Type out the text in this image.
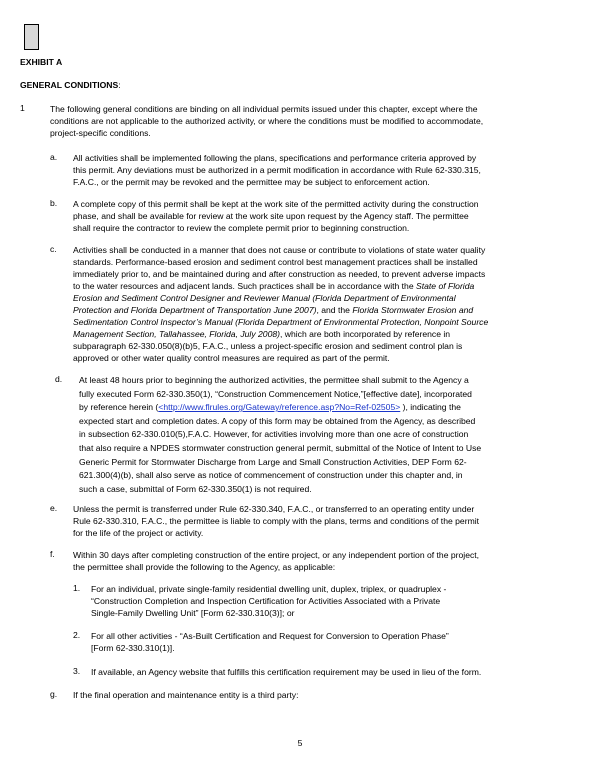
EXHIBIT A
GENERAL CONDITIONS:
1	The following general conditions are binding on all individual permits issued under this chapter, except where the
conditions are not applicable to the authorized activity, or where the conditions must be modified to accommodate,
project-specific conditions.
a. All activities shall be implemented following the plans, specifications and performance criteria approved by
this permit. Any deviations must be authorized in a permit modification in accordance with Rule 62-330.315,
F.A.C., or the permit may be revoked and the permittee may be subject to enforcement action.
b. A complete copy of this permit shall be kept at the work site of the permitted activity during the construction
phase, and shall be available for review at the work site upon request by the Agency staff. The permittee
shall require the contractor to review the complete permit prior to beginning construction.
c. Activities shall be conducted in a manner that does not cause or contribute to violations of state water quality
standards. Performance-based erosion and sediment control best management practices shall be installed
immediately prior to, and be maintained during and after construction as needed, to prevent adverse impacts
to the water resources and adjacent lands. Such practices shall be in accordance with the State of Florida
Erosion and Sediment Control Designer and Reviewer Manual (Florida Department of Environmental
Protection and Florida Department of Transportation June 2007), and the Florida Stormwater Erosion and
Sedimentation Control Inspector’s Manual (Florida Department of Environmental Protection, Nonpoint Source
Management Section, Tallahassee, Florida, July 2008), which are both incorporated by reference in
subparagraph 62-330.050(8)(b)5, F.A.C., unless a project-specific erosion and sediment control plan is
approved or other water quality control measures are required as part of the permit.
d. At least 48 hours prior to beginning the authorized activities, the permittee shall submit to the Agency a
fully executed Form 62-330.350(1), “Construction Commencement Notice,”[effective date], incorporated
by reference herein (<http://www.flrules.org/Gateway/reference.asp?No=Ref-02505> ), indicating the
expected start and completion dates. A copy of this form may be obtained from the Agency, as described
in subsection 62-330.010(5),F.A.C. However, for activities involving more than one acre of construction
that also require a NPDES stormwater construction general permit, submittal of the Notice of Intent to Use
Generic Permit for Stormwater Discharge from Large and Small Construction Activities, DEP Form 62-
621.300(4)(b), shall also serve as notice of commencement of construction under this chapter and, in
such a case, submittal of Form 62-330.350(1) is not required.
e. Unless the permit is transferred under Rule 62-330.340, F.A.C., or transferred to an operating entity under
Rule 62-330.310, F.A.C., the permittee is liable to comply with the plans, terms and conditions of the permit
for the life of the project or activity.
f. Within 30 days after completing construction of the entire project, or any independent portion of the project,
the permittee shall provide the following to the Agency, as applicable:
1. For an individual, private single-family residential dwelling unit, duplex, triplex, or quadruplex -
“Construction Completion and Inspection Certification for Activities Associated with a Private
Single-Family Dwelling Unit” [Form 62-330.310(3)]; or
2. For all other activities - “As-Built Certification and Request for Conversion to Operation Phase”
[Form 62-330.310(1)].
3. If available, an Agency website that fulfills this certification requirement may be used in lieu of the form.
g. If the final operation and maintenance entity is a third party:
5
